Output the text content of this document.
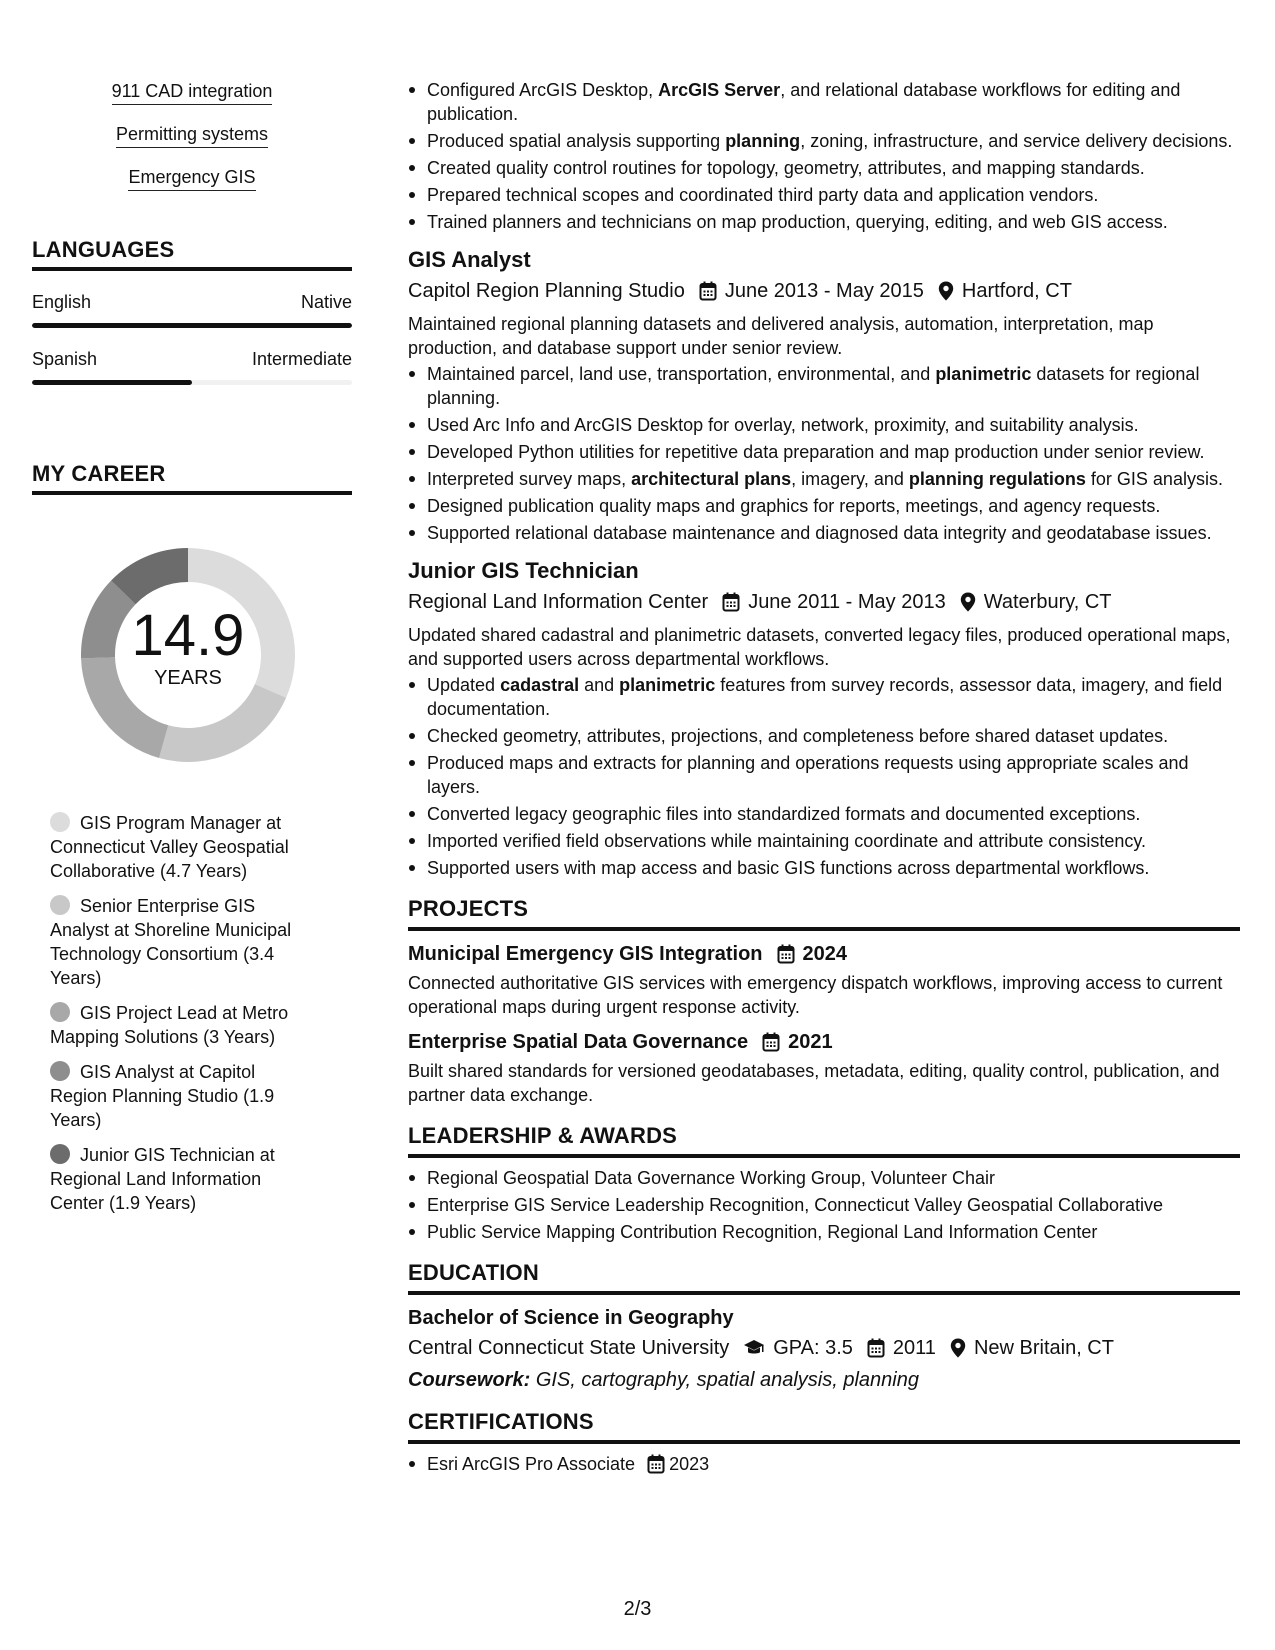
911 CAD integration
Permitting systems
Emergency GIS
LANGUAGES
English	Native
Spanish	Intermediate
MY CAREER
14.9
YEARS
GIS Program Manager at Connecticut Valley Geospatial Collaborative (4.7 Years)
Senior Enterprise GIS Analyst at Shoreline Municipal Technology Consortium (3.4 Years)
GIS Project Lead at Metro Mapping Solutions (3 Years)
GIS Analyst at Capitol Region Planning Studio (1.9 Years)
Junior GIS Technician at Regional Land Information Center (1.9 Years)
Configured ArcGIS Desktop, ArcGIS Server, and relational database workflows for editing and publication.
Produced spatial analysis supporting planning, zoning, infrastructure, and service delivery decisions.
Created quality control routines for topology, geometry, attributes, and mapping standards.
Prepared technical scopes and coordinated third party data and application vendors.
Trained planners and technicians on map production, querying, editing, and web GIS access.
GIS Analyst
Capitol Region Planning Studio June 2013 - May 2015 Hartford, CT
Maintained regional planning datasets and delivered analysis, automation, interpretation, map production, and database support under senior review.
Maintained parcel, land use, transportation, environmental, and planimetric datasets for regional planning.
Used Arc Info and ArcGIS Desktop for overlay, network, proximity, and suitability analysis.
Developed Python utilities for repetitive data preparation and map production under senior review.
Interpreted survey maps, architectural plans, imagery, and planning regulations for GIS analysis.
Designed publication quality maps and graphics for reports, meetings, and agency requests.
Supported relational database maintenance and diagnosed data integrity and geodatabase issues.
Junior GIS Technician
Regional Land Information Center June 2011 - May 2013 Waterbury, CT
Updated shared cadastral and planimetric datasets, converted legacy files, produced operational maps, and supported users across departmental workflows.
Updated cadastral and planimetric features from survey records, assessor data, imagery, and field documentation.
Checked geometry, attributes, projections, and completeness before shared dataset updates.
Produced maps and extracts for planning and operations requests using appropriate scales and layers.
Converted legacy geographic files into standardized formats and documented exceptions.
Imported verified field observations while maintaining coordinate and attribute consistency.
Supported users with map access and basic GIS functions across departmental workflows.
PROJECTS
Municipal Emergency GIS Integration 2024
Connected authoritative GIS services with emergency dispatch workflows, improving access to current operational maps during urgent response activity.
Enterprise Spatial Data Governance 2021
Built shared standards for versioned geodatabases, metadata, editing, quality control, publication, and partner data exchange.
LEADERSHIP & AWARDS
Regional Geospatial Data Governance Working Group, Volunteer Chair
Enterprise GIS Service Leadership Recognition, Connecticut Valley Geospatial Collaborative
Public Service Mapping Contribution Recognition, Regional Land Information Center
EDUCATION
Bachelor of Science in Geography
Central Connecticut State University GPA: 3.5 2011 New Britain, CT
Coursework: GIS, cartography, spatial analysis, planning
CERTIFICATIONS
Esri ArcGIS Pro Associate 2023
2/3
